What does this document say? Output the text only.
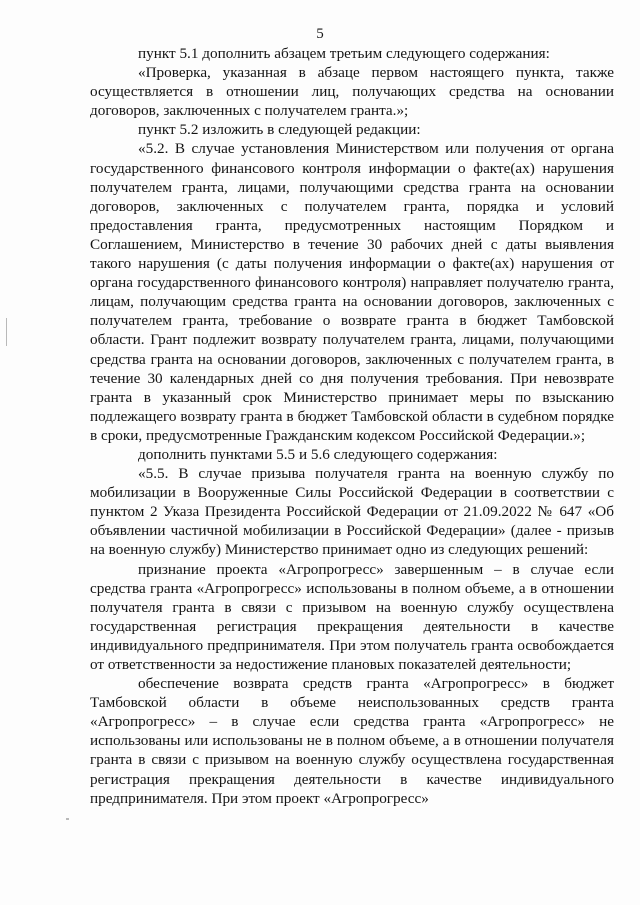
5

пункт 5.1 дополнить абзацем третьим следующего содержания:

«Проверка, указанная в абзаце первом настоящего пункта, также осуществляется в отношении лиц, получающих средства на основании договоров, заключенных с получателем гранта.»;

пункт 5.2 изложить в следующей редакции:

«5.2. В случае установления Министерством или получения от органа государственного финансового контроля информации о факте(ах) нарушения получателем гранта, лицами, получающими средства гранта на основании договоров, заключенных с получателем гранта, порядка и условий предоставления гранта, предусмотренных настоящим Порядком и Соглашением, Министерство в течение 30 рабочих дней с даты выявления такого нарушения (с даты получения информации о факте(ах) нарушения от органа государственного финансового контроля) направляет получателю гранта, лицам, получающим средства гранта на основании договоров, заключенных с получателем гранта, требование о возврате гранта в бюджет Тамбовской области. Грант подлежит возврату получателем гранта, лицами, получающими средства гранта на основании договоров, заключенных с получателем гранта, в течение 30 календарных дней со дня получения требования. При невозврате гранта в указанный срок Министерство принимает меры по взысканию подлежащего возврату гранта в бюджет Тамбовской области в судебном порядке в сроки, предусмотренные Гражданским кодексом Российской Федерации.»;

дополнить пунктами 5.5 и 5.6 следующего содержания:

«5.5. В случае призыва получателя гранта на военную службу по мобилизации в Вооруженные Силы Российской Федерации в соответствии с пунктом 2 Указа Президента Российской Федерации от 21.09.2022 № 647 «Об объявлении частичной мобилизации в Российской Федерации» (далее - призыв на военную службу) Министерство принимает одно из следующих решений:

признание проекта «Агропрогресс» завершенным – в случае если средства гранта «Агропрогресс» использованы в полном объеме, а в отношении получателя гранта в связи с призывом на военную службу осуществлена государственная регистрация прекращения деятельности в качестве индивидуального предпринимателя. При этом получатель гранта освобождается от ответственности за недостижение плановых показателей деятельности;

обеспечение возврата средств гранта «Агропрогресс» в бюджет Тамбовской области в объеме неиспользованных средств гранта «Агропрогресс» – в случае если средства гранта «Агропрогресс» не использованы или использованы не в полном объеме, а в отношении получателя гранта в связи с призывом на военную службу осуществлена государственная регистрация прекращения деятельности в качестве индивидуального предпринимателя. При этом проект «Агропрогресс»
